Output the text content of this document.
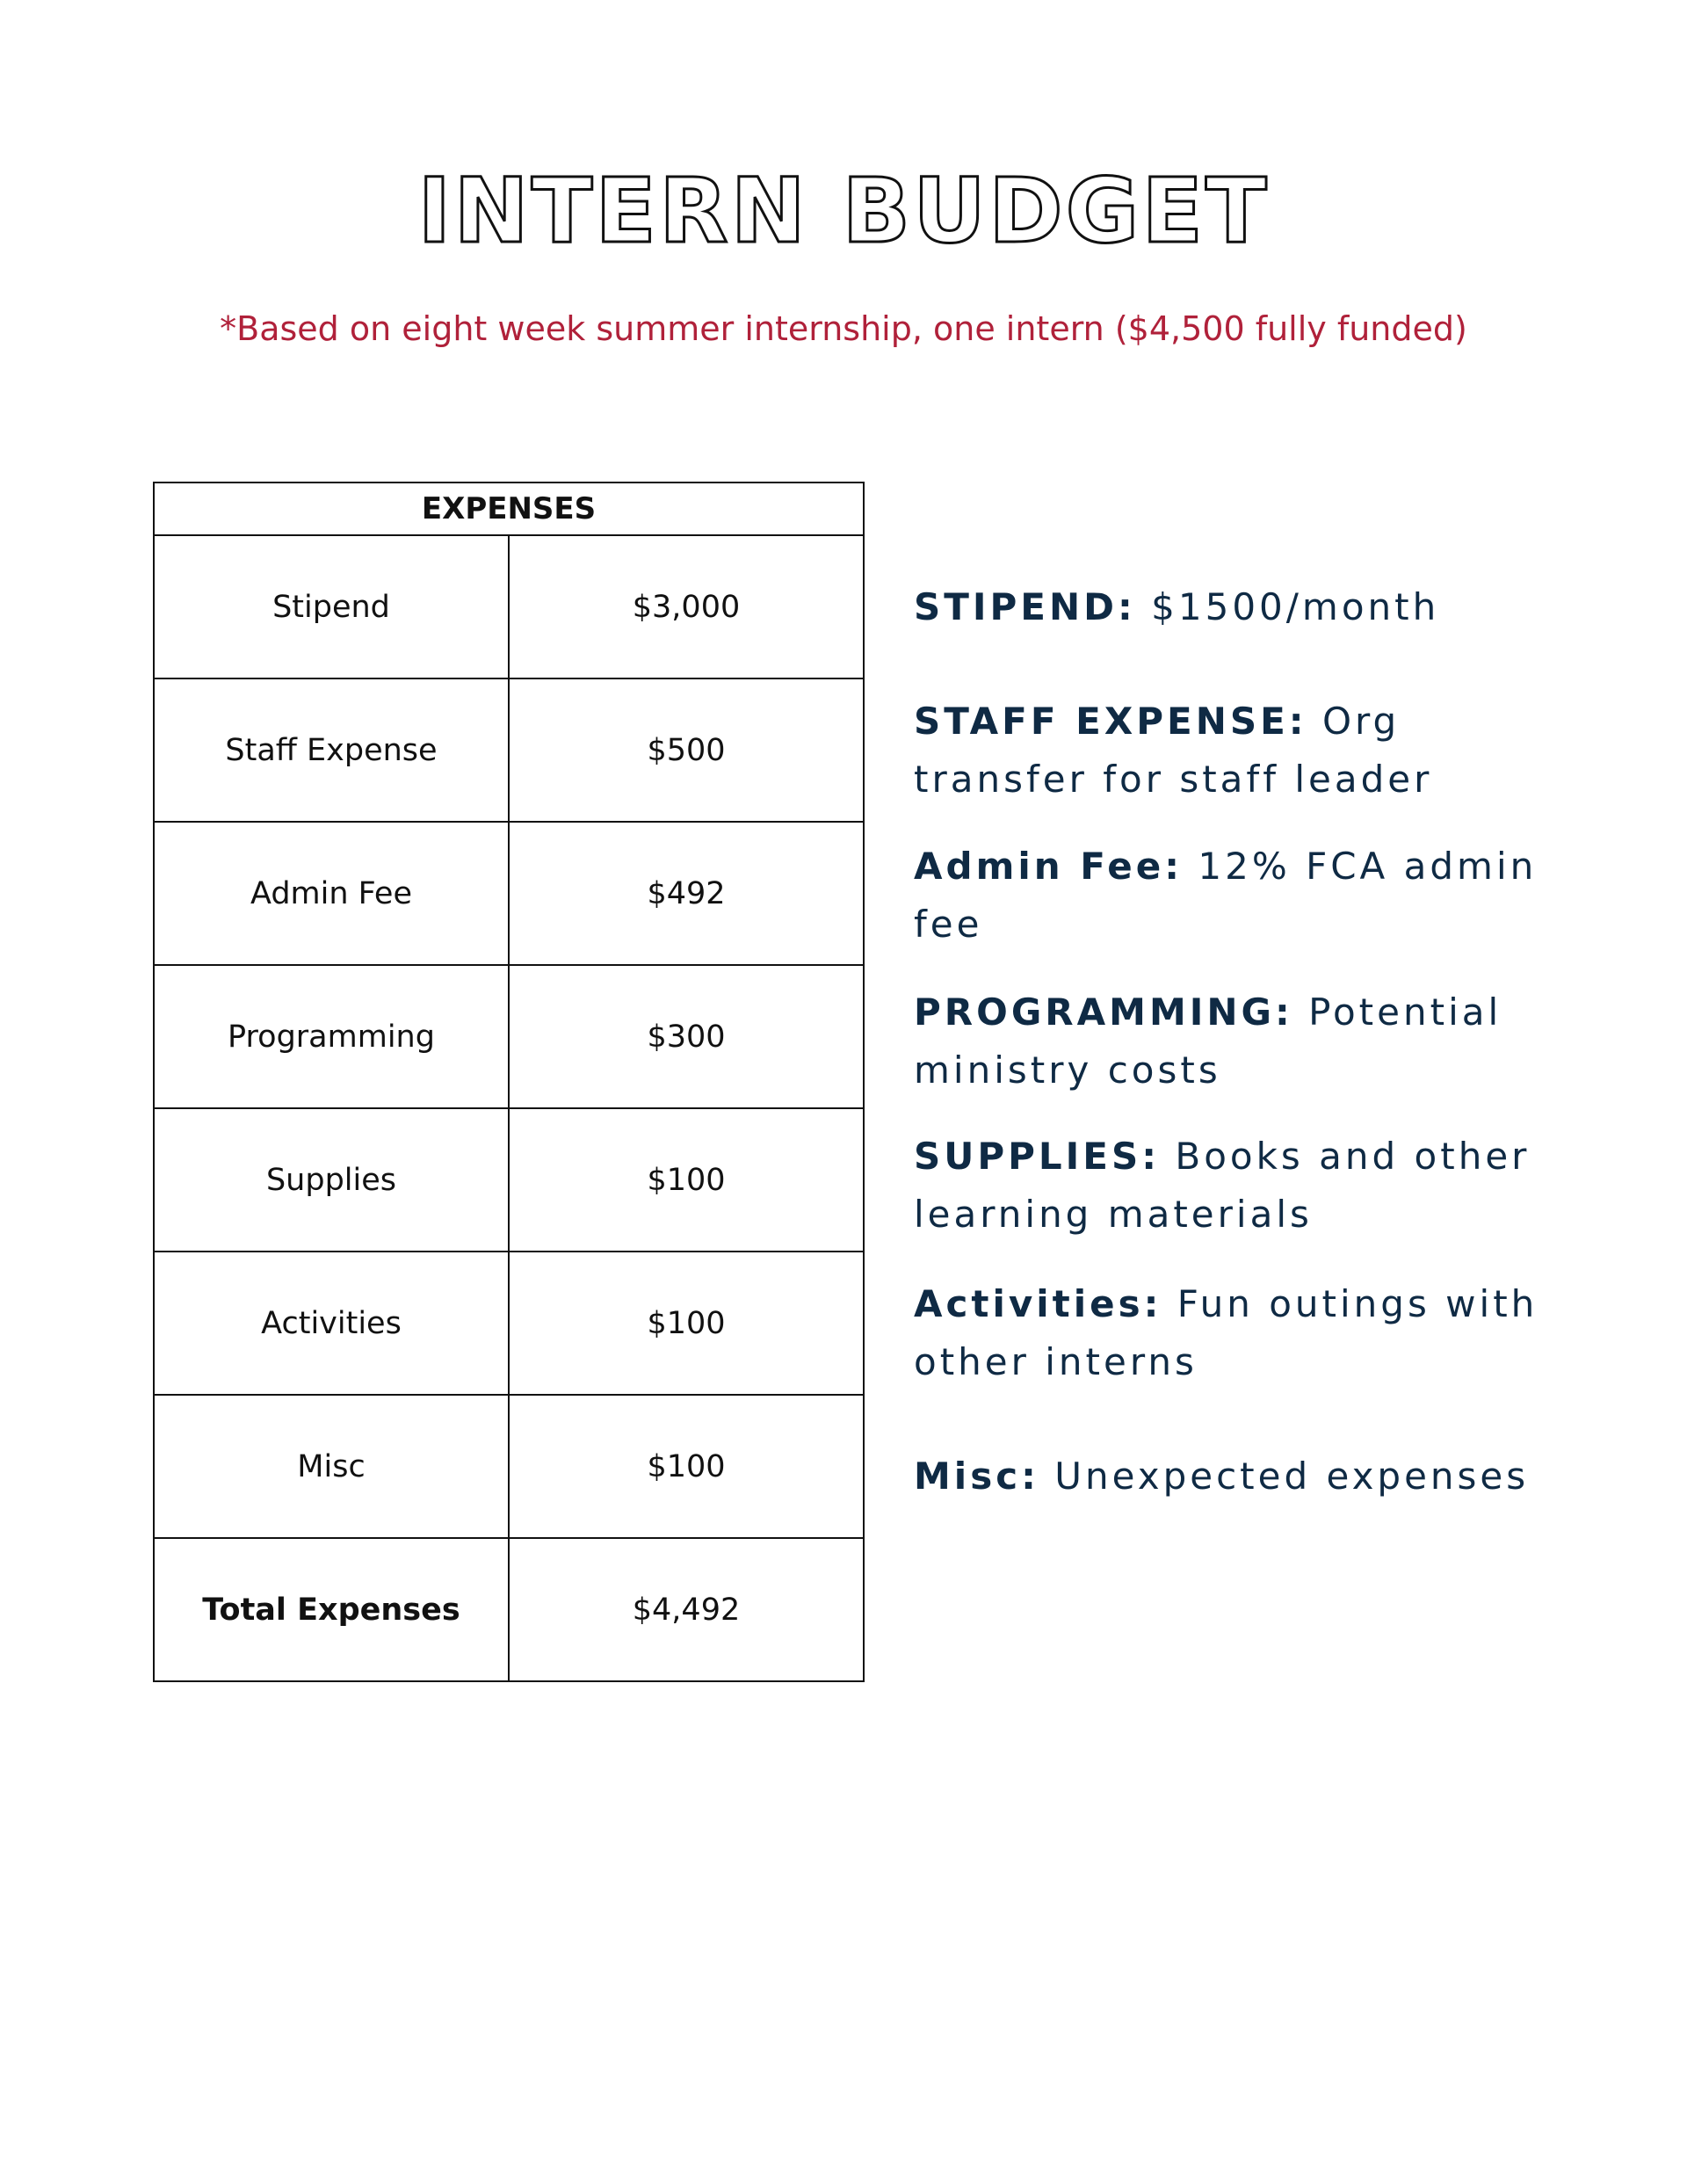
INTERN BUDGET

*Based on eight week summer internship, one intern ($4,500 fully funded)

EXPENSES	
Stipend	$3,000
Staff Expense	$500
Admin Fee	$492
Programming	$300
Supplies	$100
Activities	$100
Misc	$100
Total Expenses	$4,492

STIPEND: $1500/month

STAFF EXPENSE: Org transfer for staff leader

Admin Fee: 12% FCA admin fee

PROGRAMMING: Potential ministry costs

SUPPLIES: Books and other learning materials

Activities: Fun outings with other interns

Misc: Unexpected expenses
